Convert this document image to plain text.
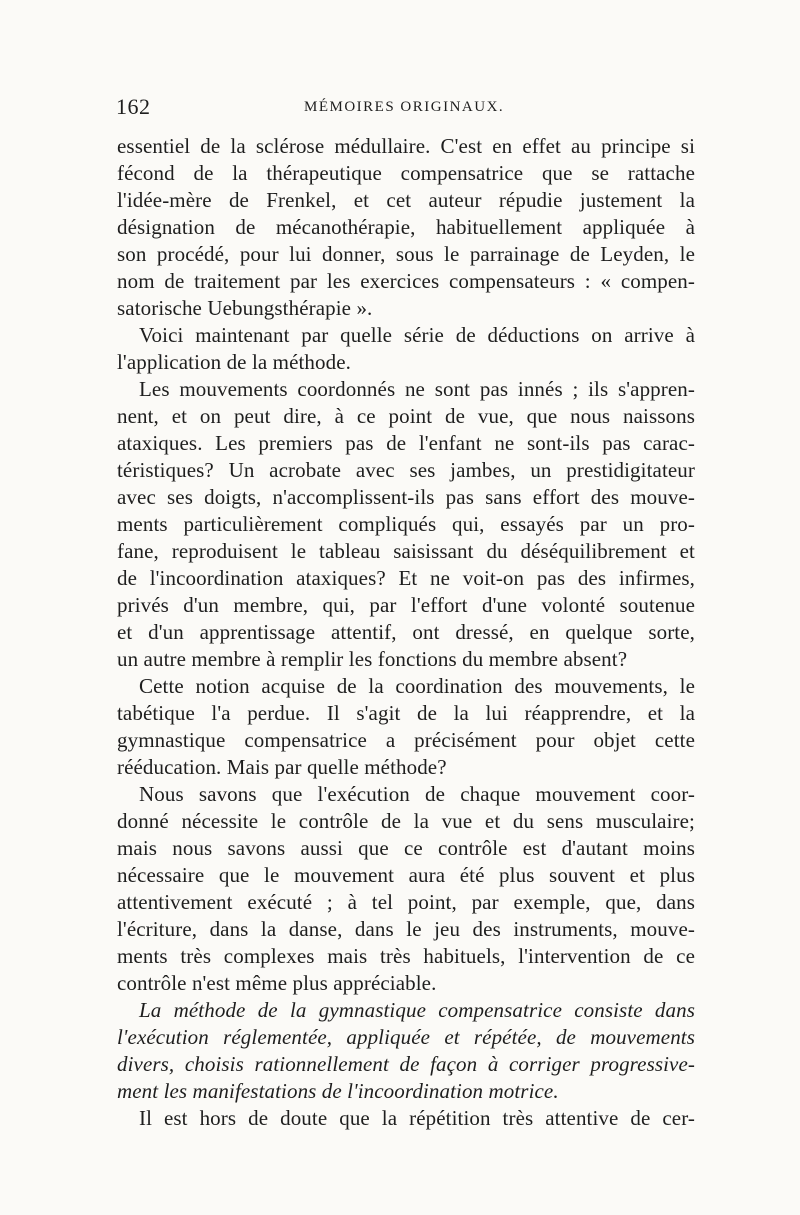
162	MÉMOIRES ORIGINAUX.
essentiel de la sclérose médullaire. C'est en effet au principe si
fécond de la thérapeutique compensatrice que se rattache
l'idée-mère de Frenkel, et cet auteur répudie justement la
désignation de mécanothérapie, habituellement appliquée à
son procédé, pour lui donner, sous le parrainage de Leyden, le
nom de traitement par les exercices compensateurs : « compen-
satorische Uebungsthérapie ».
Voici maintenant par quelle série de déductions on arrive à
l'application de la méthode.
Les mouvements coordonnés ne sont pas innés ; ils s'appren-
nent, et on peut dire, à ce point de vue, que nous naissons
ataxiques. Les premiers pas de l'enfant ne sont-ils pas carac-
téristiques? Un acrobate avec ses jambes, un prestidigitateur
avec ses doigts, n'accomplissent-ils pas sans effort des mouve-
ments particulièrement compliqués qui, essayés par un pro-
fane, reproduisent le tableau saisissant du déséquilibrement et
de l'incoordination ataxiques? Et ne voit-on pas des infirmes,
privés d'un membre, qui, par l'effort d'une volonté soutenue
et d'un apprentissage attentif, ont dressé, en quelque sorte,
un autre membre à remplir les fonctions du membre absent?
Cette notion acquise de la coordination des mouvements, le
tabétique l'a perdue. Il s'agit de la lui réapprendre, et la
gymnastique compensatrice a précisément pour objet cette
rééducation. Mais par quelle méthode?
Nous savons que l'exécution de chaque mouvement coor-
donné nécessite le contrôle de la vue et du sens musculaire;
mais nous savons aussi que ce contrôle est d'autant moins
nécessaire que le mouvement aura été plus souvent et plus
attentivement exécuté ; à tel point, par exemple, que, dans
l'écriture, dans la danse, dans le jeu des instruments, mouve-
ments très complexes mais très habituels, l'intervention de ce
contrôle n'est même plus appréciable.
La méthode de la gymnastique compensatrice consiste dans
l'exécution réglementée, appliquée et répétée, de mouvements
divers, choisis rationnellement de façon à corriger progressive-
ment les manifestations de l'incoordination motrice.
Il est hors de doute que la répétition très attentive de cer-
